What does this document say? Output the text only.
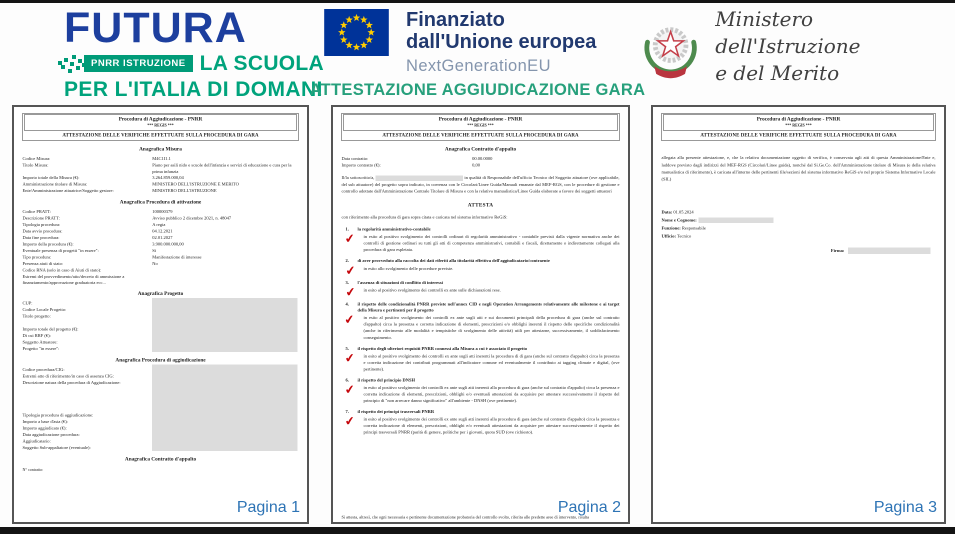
FUTURA
PNRR ISTRUZIONE LA SCUOLA
PER L'ITALIA DI DOMANI
Finanziato
dall'Unione europea
NextGenerationEU
Ministero dell'Istruzione
e del Merito
ATTESTAZIONE AGGIUDICAZIONE GARA
Procedura di Aggiudicazione - PNRR
*** REGIS ***
ATTESTAZIONE DELLE VERIFICHE EFFETTUATE SULLA PROCEDURA DI GARA
Anagrafica Misura
Codice Misura:	M4C1I1.1
Titolo Misura:	Piano per asili nido e scuole dell'infanzia e servizi di educazione e cura per la prima infanzia
Importo totale della Misura (€):	3.264.859.000,04
Amministrazione titolare di Misura:	MINISTERO DELL'ISTRUZIONE E MERITO
Ente/Amministrazione attuatrice/Soggetto gestore:	MINISTERO DELL'ISTRUZIONE
Anagrafica Procedura di attivazione
Codice PRATT:	100000379
Descrizione PRATT:	Avviso pubblico 2 dicembre 2021, n. 48047
Tipologia procedura:	A regia
Data avvio procedura:	04.12.2021
Data fine procedura:	02.01.2027
Importo della procedura (€):	3.900.000.000,00
Eventuale presenza di progetti "in essere":	Sì
Tipo procedura:	Manifestazione di interesse
Presenza aiuti di stato:	No
Codice RNA (solo in caso di Aiuti di stato):
Estremi del provvedimento/atto/decreto di ammissione a finanziamento/approvazione graduatoria ecc...
Anagrafica Progetto
CUP:
Codice Locale Progetto:
Titolo progetto:
Importo totale del progetto (€):
Di cui RRF (€):
Soggetto Attuatore:
Progetto "in essere":
Anagrafica Procedura di aggiudicazione
Codice procedura/CIG:
Estremi atto di riferimento/in caso di assenza CIG:
Descrizione natura della procedura di Aggiudicazione:
Tipologia procedura di aggiudicazione:
Importo a base d'asta (€):
Importo aggiudicato (€):
Data aggiudicazione procedura:
Aggiudicatario:
Soggetto Sub-appaltatore (eventuale):
Anagrafica Contratto d'appalto
N° contratto:
Pagina 1
Procedura di Aggiudicazione - PNRR
*** REGIS ***
ATTESTAZIONE DELLE VERIFICHE EFFETTUATE SULLA PROCEDURA DI GARA
Anagrafica Contratto d'appalto
Data contratto:	00.00.0000
Importo contratto (€):	0,00
Il/la sottoscritto/a,	in qualità di Responsabile dell'ufficio Tecnico del Soggetto attuatore (ove applicabile, del sub attuatore) del progetto sopra indicato, in coerenza con le Circolari/Linee Guida/Manuali emanate dal MEF-RGS, con le procedure di gestione e controllo adottate dall'Amministrazione Centrale Titolare di Misura e con la relativa manualistica/Linee Guida elaborate a favore dei soggetti attuatori
ATTESTA
con riferimento alla procedura di gara sopra citata e caricata nel sistema informativo ReGiS:
1. la regolarità amministrativo-contabile
✔ in esito al positivo svolgimento dei controlli ordinari di regolarità amministrativo - contabile previsti dalla vigente normativa anche dei controlli di gestione ordinari su tutti gli atti di competenza amministrativi, contabili e fiscali, direttamente o indirettamente collegati alla procedura di gara espletata.
2. di aver provveduto alla raccolta dei dati riferiti alla titolarità effettiva dell'aggiudicatario/contraente
✔ in esito allo svolgimento delle procedure previste.
3. l'assenza di situazioni di conflitto di interessi
✔ in esito al positivo svolgimento dei controlli ex ante sulle dichiarazioni rese.
4. il rispetto delle condizionalità PNRR previste nell'annex CID e negli Operation Arrangements relativamente alle milestone e ai target della Misura e pertinenti per il progetto
✔ in esito al positivo svolgimento dei controlli ex ante sugli atti e sui documenti principali della procedura di gara (anche sul contratto d'appalto) circa la presenza e corretta indicazione di elementi, prescrizioni e/o obblighi inerenti il rispetto delle specifiche condizionalità (anche in riferimento alle modalità e tempistiche di svolgimento delle attività) utili per attestarne, successivamente, il soddisfacimento conseguimento.
5. il rispetto degli ulteriori requisiti PNRR connessi alla Misura a cui è associato il progetto
✔ in esito al positivo svolgimento dei controlli ex ante sugli atti inerenti la procedura di di gara (anche sul contratto d'appalto) circa la presenza e corretta indicazione dei contributi programmati all'indicatore comune ed eventualmente il contributo ai tagging climate e digital, (ove pertinente).
6. il rispetto del principio DNSH
✔ in esito al positivo svolgimento dei controlli ex ante sugli atti inerenti alla procedura di gara (anche sul contratto d'appalto) circa la presenza e corretta indicazione di elementi, prescrizioni, obblighi e/o eventuali attestazioni da acquisire per attestare successivamente il rispetto del principio di "non arrecare danno significativo" all'ambiente - DNSH (ove pertinente).
7. il rispetto dei principi trasversali PNRR
✔ in esito al positivo svolgimento dei controlli ex ante sugli atti inerenti alla procedura di gara (anche sul contratto d'appalto) circa la presenza e corretta indicazione di elementi, prescrizioni, obblighi e/o eventuali attestazioni da acquisire per attestare successivamente il rispetto dei principi trasversali PNRR (parità di genere, politiche per i giovani, quota SUD (ove richiesto).
Si attesta, altresì, che ogni necessaria e pertinente documentazione probatoria del controllo svolto, riferita alle predette aree di intervento, risulta
Pagina 2
Procedura di Aggiudicazione - PNRR
*** REGIS ***
ATTESTAZIONE DELLE VERIFICHE EFFETTUATE SULLA PROCEDURA DI GARA
allegata alla presente attestazione, e, che la relativa documentazione oggetto di verifica, è conservata agli atti di questa Amministrazione/Ente e, laddove previsto dagli indirizzi del MEF-RGS (Circolari/Linee guida), nonché dal Si.Ge.Co. dell'Amministrazione titolare di Misura (e della relativa manualistica di riferimento), è caricata all'interno delle pertinenti file/sezioni del sistema informativo ReGiS e/o nel proprio Sistema Informativo Locale (SIL)
Data: 01.05.2024
Nome e Cognome:
Funzione: Responsabile
Ufficio: Tecnico
Firma:
Pagina 3
